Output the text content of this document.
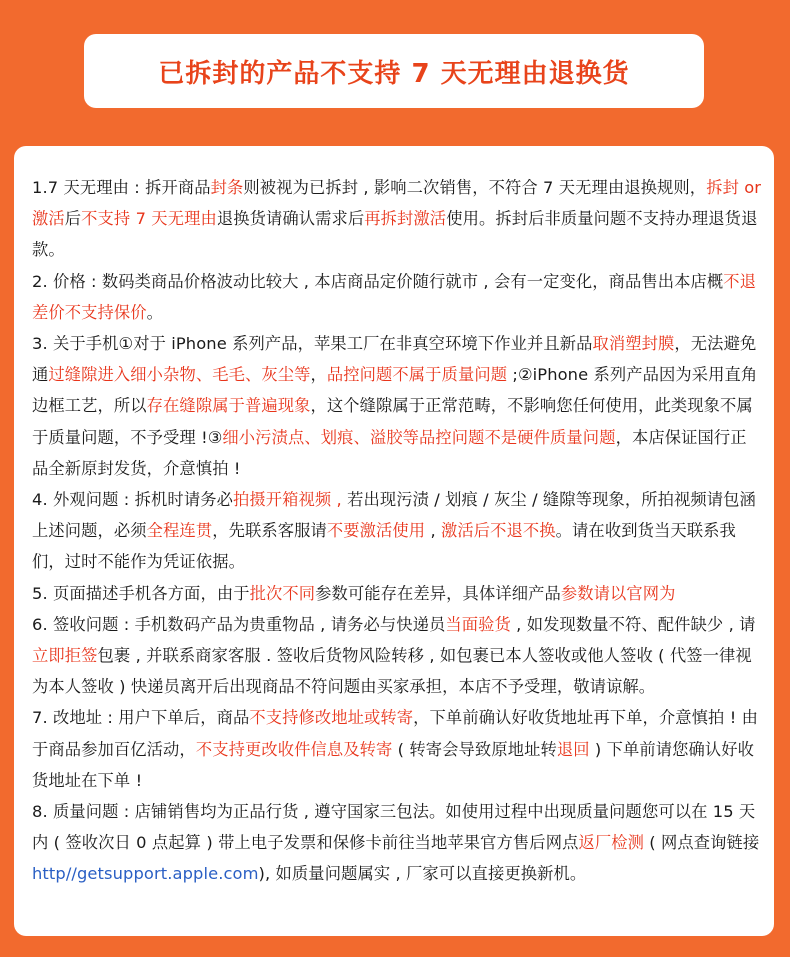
已拆封的产品不支持 7 天无理由退换货

1.7 天无理由 : 拆开商品封条则被视为已拆封 , 影响二次销售，不符合 7 天无理由退换规则，拆封 or 激活后不支持 7 天无理由退换货请确认需求后再拆封激活使用。拆封后非质量问题不支持办理退货退款。

2. 价格 : 数码类商品价格波动比较大 , 本店商品定价随行就市 , 会有一定变化，商品售出本店概不退差价不支持保价。

3. 关于手机①对于 iPhone 系列产品，苹果工厂在非真空环境下作业并且新品取消塑封膜，无法避免通过缝隙进入细小杂物、毛毛、灰尘等，品控问题不属于质量问题 ;②iPhone 系列产品因为采用直角边框工艺，所以存在缝隙属于普遍现象，这个缝隙属于正常范畴，不影响您任何使用，此类现象不属于质量问题，不予受理 !③细小污渍点、划痕、溢胶等品控问题不是硬件质量问题，本店保证国行正品全新原封发货，介意慎拍 !

4. 外观问题 : 拆机时请务必拍摄开箱视频 , 若出现污渍 / 划痕 / 灰尘 / 缝隙等现象，所拍视频请包涵上述问题，必须全程连贯，先联系客服请不要激活使用 , 激活后不退不换。请在收到货当天联系我们，过时不能作为凭证依据。

5. 页面描述手机各方面，由于批次不同参数可能存在差异，具体详细产品参数请以官网为

6. 签收问题 : 手机数码产品为贵重物品 , 请务必与快递员当面验货 , 如发现数量不符、配件缺少 , 请立即拒签包裹 , 并联系商家客服 . 签收后货物风险转移 , 如包裹已本人签收或他人签收 ( 代签一律视为本人签收 ) 快递员离开后出现商品不符问题由买家承担，本店不予受理，敬请谅解。

7. 改地址 : 用户下单后，商品不支持修改地址或转寄，下单前确认好收货地址再下单，介意慎拍 ! 由于商品参加百亿活动，不支持更改收件信息及转寄 ( 转寄会导致原地址转退回 ) 下单前请您确认好收货地址在下单 !

8. 质量问题 : 店铺销售均为正品行货 , 遵守国家三包法。如使用过程中出现质量问题您可以在 15 天内 ( 签收次日 0 点起算 ) 带上电子发票和保修卡前往当地苹果官方售后网点返厂检测 ( 网点查询链接 http//getsupport.apple.com), 如质量问题属实 , 厂家可以直接更换新机。
